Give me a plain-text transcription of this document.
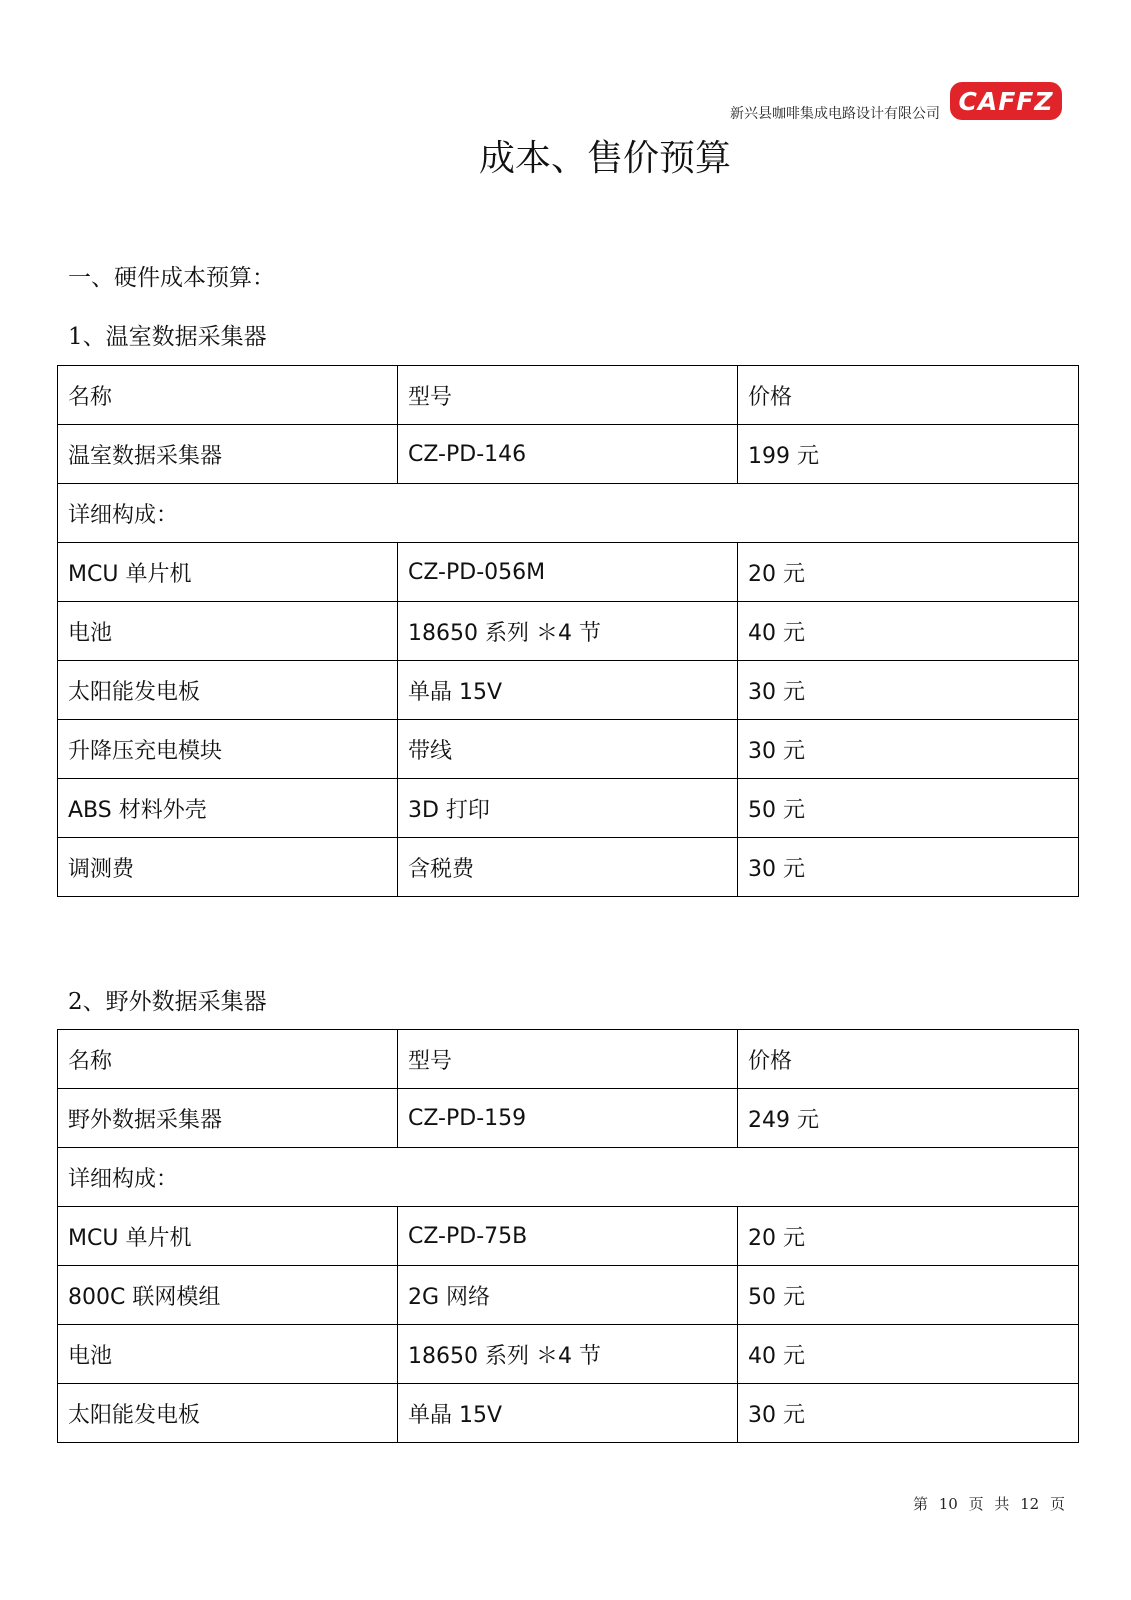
新兴县咖啡集成电路设计有限公司 CAFFZ
成本、售价预算
一、硬件成本预算：
1、温室数据采集器
名称	型号	价格
温室数据采集器	CZ-PD-146	199 元
详细构成：		
MCU 单片机	CZ-PD-056M	20 元
电池	18650 系列 ＊4 节	40 元
太阳能发电板	单晶 15V	30 元
升降压充电模块	带线	30 元
ABS 材料外壳	3D 打印	50 元
调测费	含税费	30 元
2、野外数据采集器
名称	型号	价格
野外数据采集器	CZ-PD-159	249 元
详细构成：		
MCU 单片机	CZ-PD-75B	20 元
800C 联网模组	2G 网络	50 元
电池	18650 系列 ＊4 节	40 元
太阳能发电板	单晶 15V	30 元
第 10 页 共 12 页
